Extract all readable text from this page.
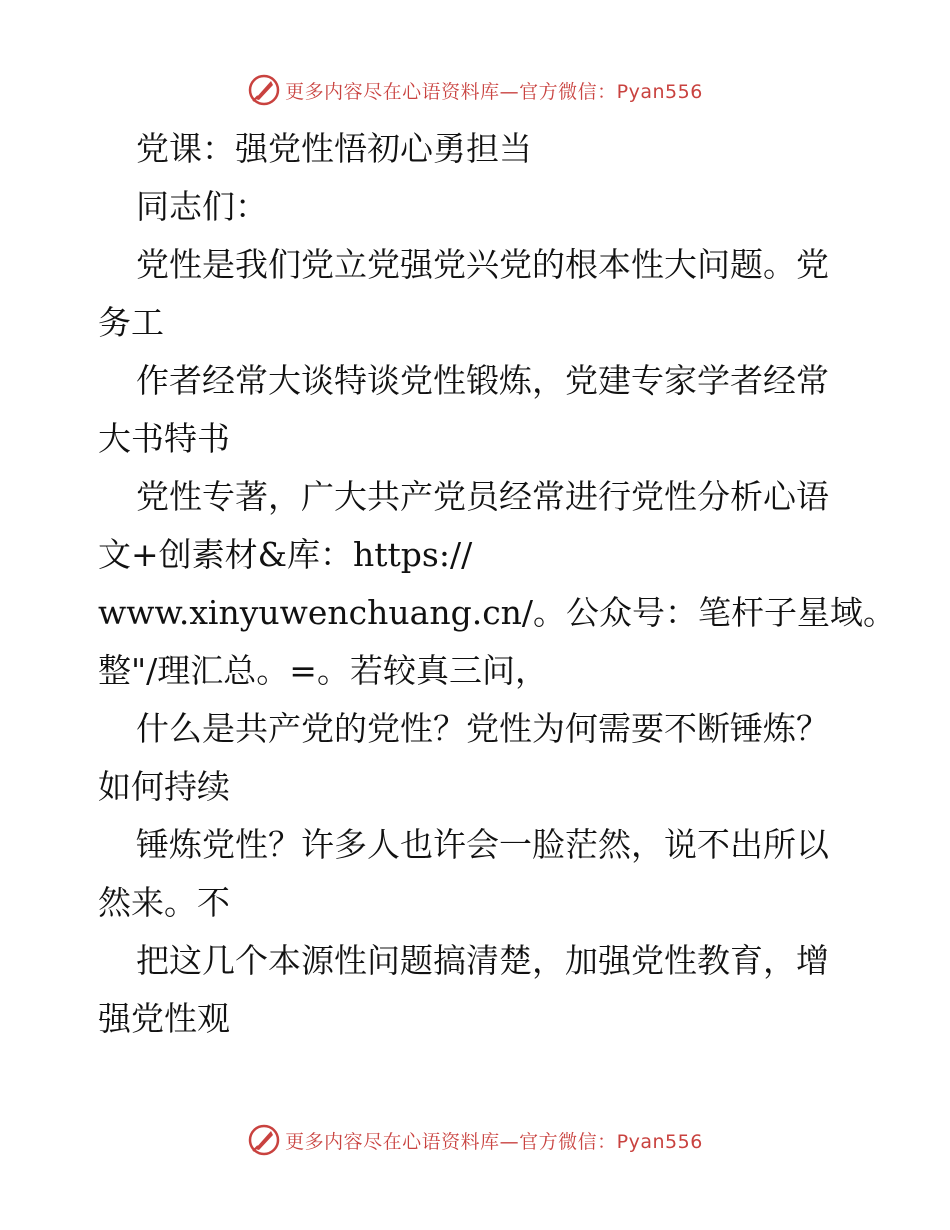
更多内容尽在心语资料库—官方微信：Pyan556
党课：强党性悟初心勇担当
同志们：
党性是我们党立党强党兴党的根本性大问题。党
务工
作者经常大谈特谈党性锻炼，党建专家学者经常
大书特书
党性专著，广大共产党员经常进行党性分析心语
文+创素材&库：https://
www.xinyuwenchuang.cn/。公众号：笔杆子星域。
整"/理汇总。=。若较真三问，
什么是共产党的党性？党性为何需要不断锤炼？
如何持续
锤炼党性？许多人也许会一脸茫然，说不出所以
然来。不
把这几个本源性问题搞清楚，加强党性教育，增
强党性观
更多内容尽在心语资料库—官方微信：Pyan556
